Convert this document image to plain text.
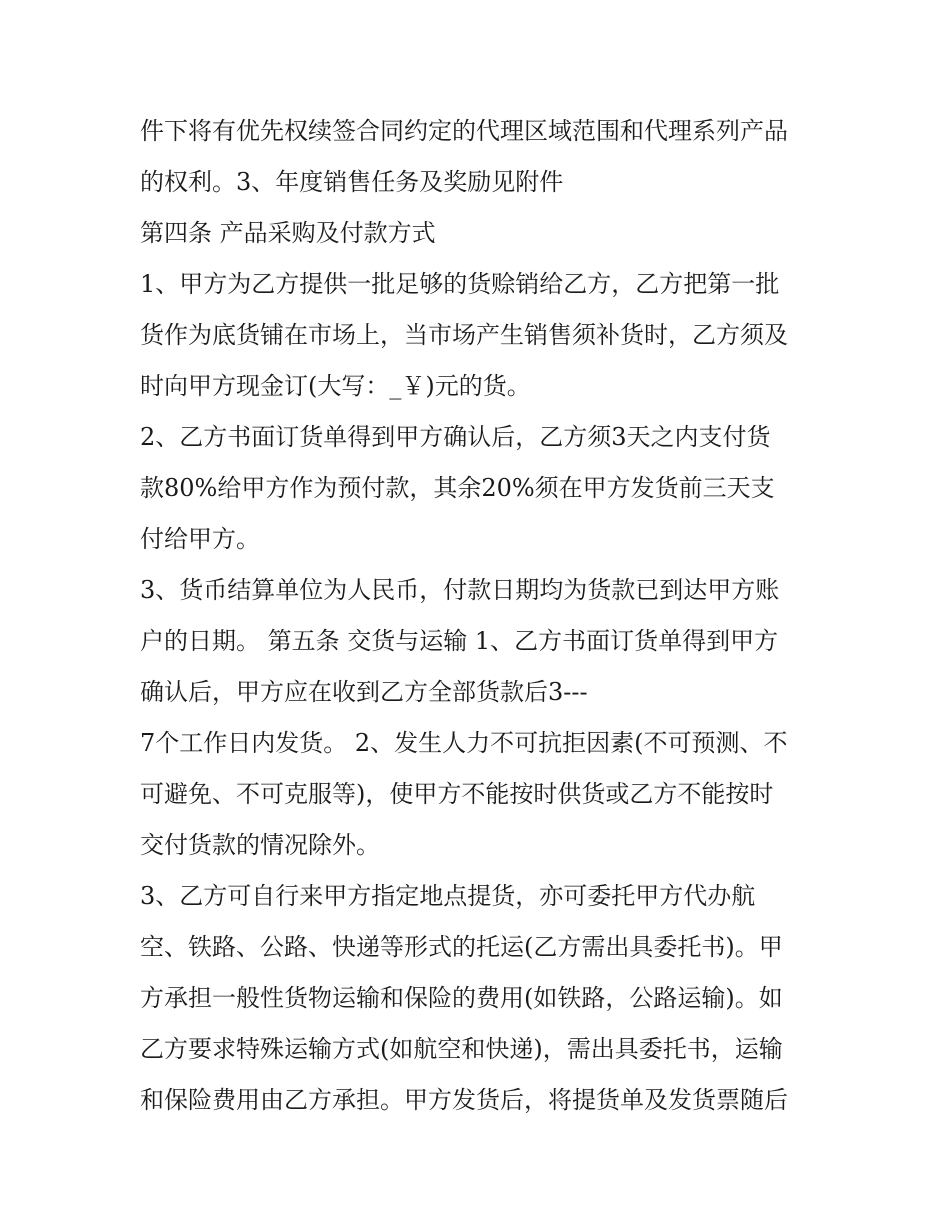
件下将有优先权续签合同约定的代理区域范围和代理系列产品
的权利。3、年度销售任务及奖励见附件
第四条 产品采购及付款方式
1、甲方为乙方提供一批足够的货赊销给乙方，乙方把第一批
货作为底货铺在市场上，当市场产生销售须补货时，乙方须及
时向甲方现金订(大写：_￥)元的货。
2、乙方书面订货单得到甲方确认后，乙方须3天之内支付货
款80%给甲方作为预付款，其余20%须在甲方发货前三天支
付给甲方。
3、货币结算单位为人民币，付款日期均为货款已到达甲方账
户的日期。 第五条 交货与运输 1、乙方书面订货单得到甲方
确认后，甲方应在收到乙方全部货款后3---
7个工作日内发货。 2、发生人力不可抗拒因素(不可预测、不
可避免、不可克服等)，使甲方不能按时供货或乙方不能按时
交付货款的情况除外。
3、乙方可自行来甲方指定地点提货，亦可委托甲方代办航
空、铁路、公路、快递等形式的托运(乙方需出具委托书)。甲
方承担一般性货物运输和保险的费用(如铁路，公路运输)。如
乙方要求特殊运输方式(如航空和快递)，需出具委托书，运输
和保险费用由乙方承担。甲方发货后，将提货单及发货票随后
